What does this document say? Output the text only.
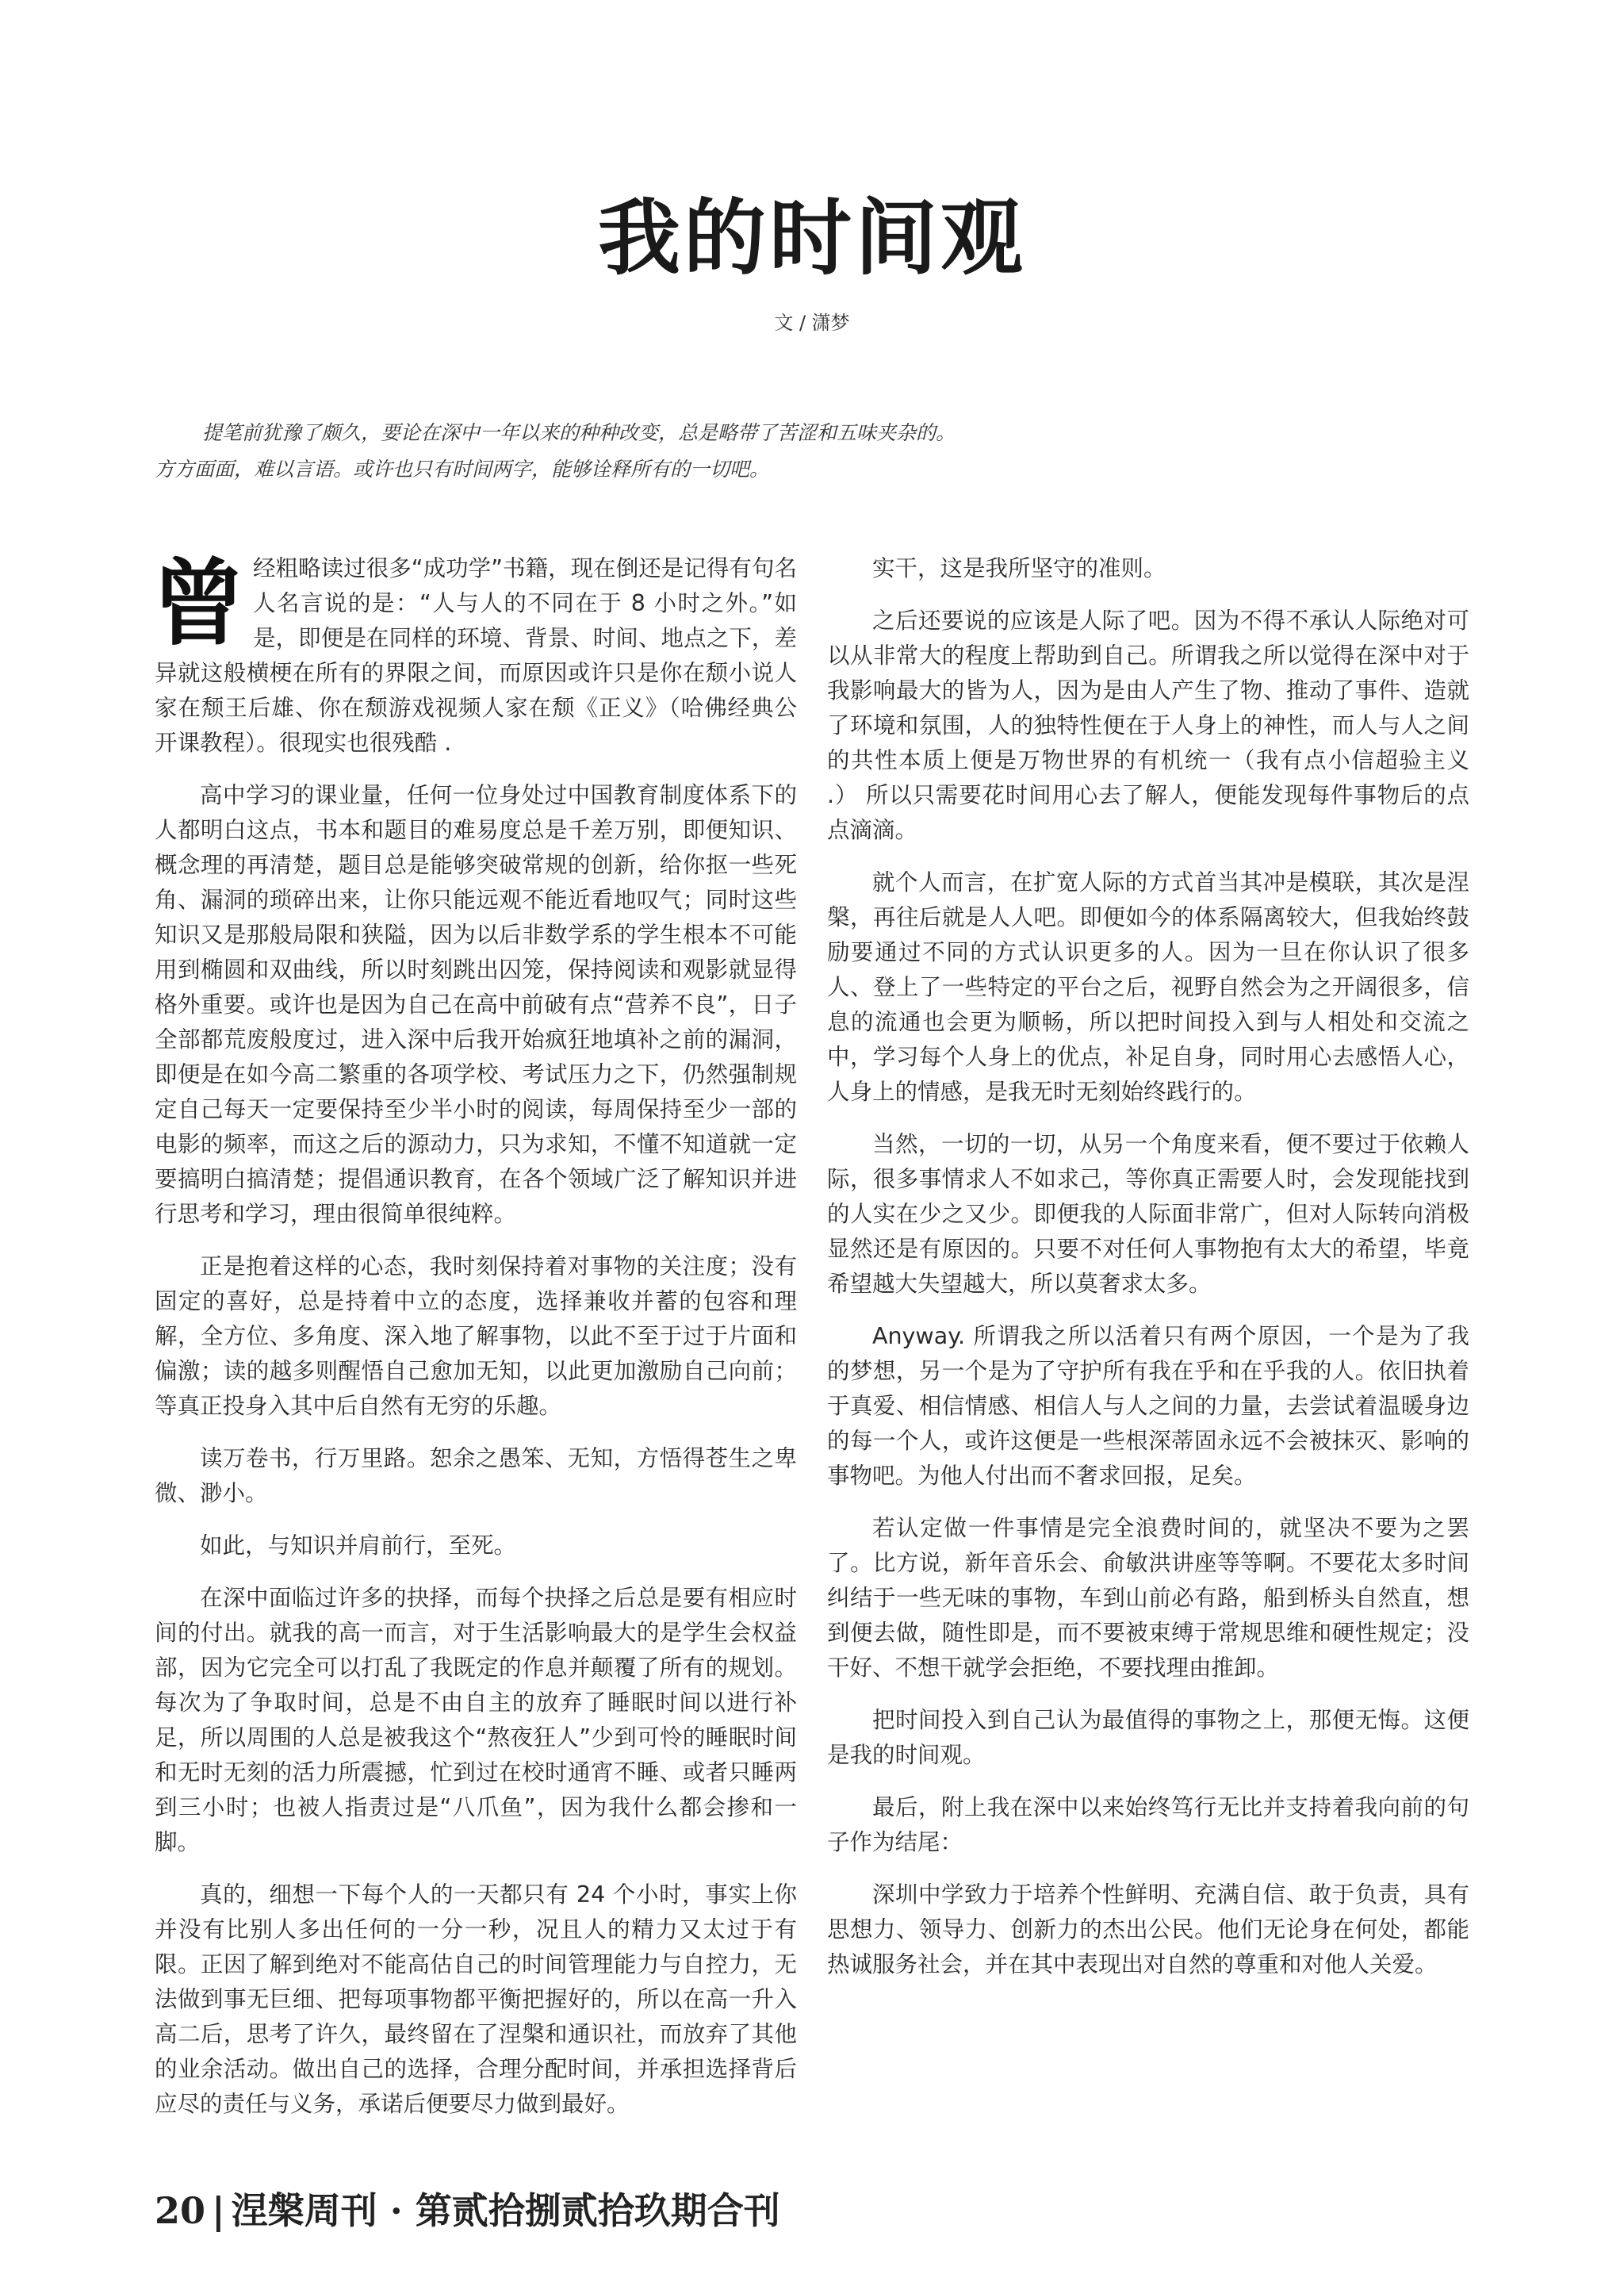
我的时间观
文 / 潇梦

提笔前犹豫了颇久，要论在深中一年以来的种种改变，总是略带了苦涩和五味夹杂的。

方方面面，难以言语。或许也只有时间两字，能够诠释所有的一切吧。

曾经粗略读过很多“成功学”书籍，现在倒还是记得有句名人名言说的是：“人与人的不同在于 8 小时之外。”如是，即便是在同样的环境、背景、时间、地点之下，差异就这般横梗在所有的界限之间，而原因或许只是你在颓小说人家在颓王后雄、你在颓游戏视频人家在颓《正义》（哈佛经典公开课教程）。很现实也很残酷 .

高中学习的课业量，任何一位身处过中国教育制度体系下的人都明白这点，书本和题目的难易度总是千差万别，即便知识、概念理的再清楚，题目总是能够突破常规的创新，给你抠一些死角、漏洞的琐碎出来，让你只能远观不能近看地叹气；同时这些知识又是那般局限和狭隘，因为以后非数学系的学生根本不可能用到椭圆和双曲线，所以时刻跳出囚笼，保持阅读和观影就显得格外重要。或许也是因为自己在高中前破有点“营养不良”，日子全部都荒废般度过，进入深中后我开始疯狂地填补之前的漏洞，即便是在如今高二繁重的各项学校、考试压力之下，仍然强制规定自己每天一定要保持至少半小时的阅读，每周保持至少一部的电影的频率，而这之后的源动力，只为求知，不懂不知道就一定要搞明白搞清楚；提倡通识教育，在各个领域广泛了解知识并进行思考和学习，理由很简单很纯粹。

正是抱着这样的心态，我时刻保持着对事物的关注度；没有固定的喜好，总是持着中立的态度，选择兼收并蓄的包容和理解，全方位、多角度、深入地了解事物，以此不至于过于片面和偏激；读的越多则醒悟自己愈加无知，以此更加激励自己向前；等真正投身入其中后自然有无穷的乐趣。

读万卷书，行万里路。恕余之愚笨、无知，方悟得苍生之卑微、渺小。

如此，与知识并肩前行，至死。

在深中面临过许多的抉择，而每个抉择之后总是要有相应时间的付出。就我的高一而言，对于生活影响最大的是学生会权益部，因为它完全可以打乱了我既定的作息并颠覆了所有的规划。每次为了争取时间，总是不由自主的放弃了睡眠时间以进行补足，所以周围的人总是被我这个“熬夜狂人”少到可怜的睡眠时间和无时无刻的活力所震撼，忙到过在校时通宵不睡、或者只睡两到三小时；也被人指责过是“八爪鱼”，因为我什么都会掺和一脚。

真的，细想一下每个人的一天都只有 24 个小时，事实上你并没有比别人多出任何的一分一秒，况且人的精力又太过于有限。正因了解到绝对不能高估自己的时间管理能力与自控力，无法做到事无巨细、把每项事物都平衡把握好的，所以在高一升入高二后，思考了许久，最终留在了涅槃和通识社，而放弃了其他的业余活动。做出自己的选择，合理分配时间，并承担选择背后应尽的责任与义务，承诺后便要尽力做到最好。

实干，这是我所坚守的准则。

之后还要说的应该是人际了吧。因为不得不承认人际绝对可以从非常大的程度上帮助到自己。所谓我之所以觉得在深中对于我影响最大的皆为人，因为是由人产生了物、推动了事件、造就了环境和氛围，人的独特性便在于人身上的神性，而人与人之间的共性本质上便是万物世界的有机统一（我有点小信超验主义 .） 所以只需要花时间用心去了解人，便能发现每件事物后的点点滴滴。

就个人而言，在扩宽人际的方式首当其冲是模联，其次是涅槃，再往后就是人人吧。即便如今的体系隔离较大，但我始终鼓励要通过不同的方式认识更多的人。因为一旦在你认识了很多人、登上了一些特定的平台之后，视野自然会为之开阔很多，信息的流通也会更为顺畅，所以把时间投入到与人相处和交流之中，学习每个人身上的优点，补足自身，同时用心去感悟人心，人身上的情感，是我无时无刻始终践行的。

当然，一切的一切，从另一个角度来看，便不要过于依赖人际，很多事情求人不如求己，等你真正需要人时，会发现能找到的人实在少之又少。即便我的人际面非常广，但对人际转向消极显然还是有原因的。只要不对任何人事物抱有太大的希望，毕竟希望越大失望越大，所以莫奢求太多。

Anyway. 所谓我之所以活着只有两个原因，一个是为了我的梦想，另一个是为了守护所有我在乎和在乎我的人。依旧执着于真爱、相信情感、相信人与人之间的力量，去尝试着温暖身边的每一个人，或许这便是一些根深蒂固永远不会被抹灭、影响的事物吧。为他人付出而不奢求回报，足矣。

若认定做一件事情是完全浪费时间的，就坚决不要为之罢了。比方说，新年音乐会、俞敏洪讲座等等啊。不要花太多时间纠结于一些无味的事物，车到山前必有路，船到桥头自然直，想到便去做，随性即是，而不要被束缚于常规思维和硬性规定；没干好、不想干就学会拒绝，不要找理由推卸。

把时间投入到自己认为最值得的事物之上，那便无悔。这便是我的时间观。

最后，附上我在深中以来始终笃行无比并支持着我向前的句子作为结尾：

深圳中学致力于培养个性鲜明、充满自信、敢于负责，具有思想力、领导力、创新力的杰出公民。他们无论身在何处，都能热诚服务社会，并在其中表现出对自然的尊重和对他人关爱。

20 | 涅槃周刊 · 第贰拾捌贰拾玖期合刊
